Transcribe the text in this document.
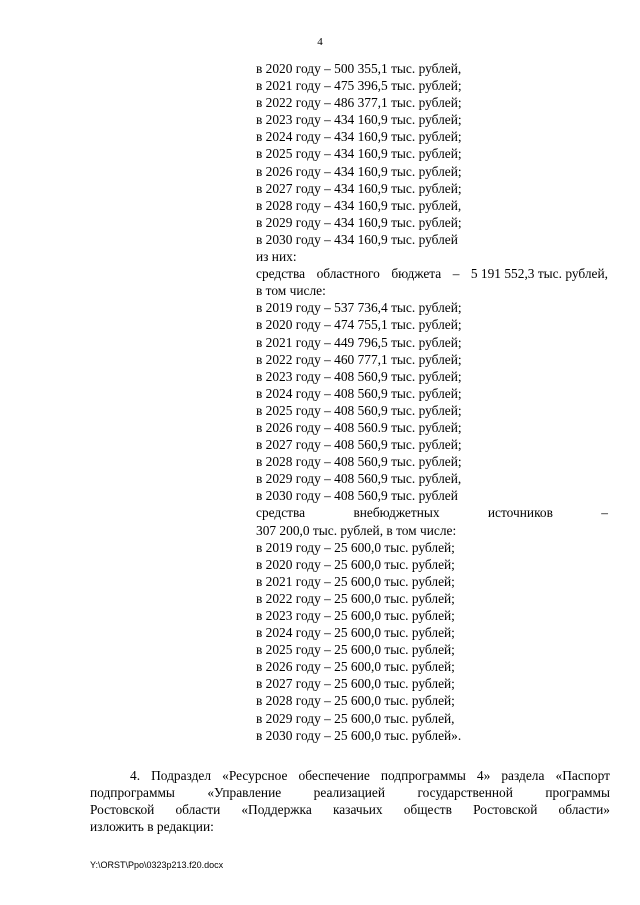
4
в 2020 году – 500 355,1 тыс. рублей,
в 2021 году – 475 396,5 тыс. рублей;
в 2022 году – 486 377,1 тыс. рублей;
в 2023 году – 434 160,9 тыс. рублей;
в 2024 году – 434 160,9 тыс. рублей;
в 2025 году – 434 160,9 тыс. рублей;
в 2026 году – 434 160,9 тыс. рублей;
в 2027 году – 434 160,9 тыс. рублей;
в 2028 году – 434 160,9 тыс. рублей,
в 2029 году – 434 160,9 тыс. рублей;
в 2030 году – 434 160,9 тыс. рублей
из них:
средства областного бюджета – 5 191 552,3 тыс. рублей,
в том числе:
в 2019 году – 537 736,4 тыс. рублей;
в 2020 году – 474 755,1 тыс. рублей;
в 2021 году – 449 796,5 тыс. рублей;
в 2022 году – 460 777,1 тыс. рублей;
в 2023 году – 408 560,9 тыс. рублей;
в 2024 году – 408 560,9 тыс. рублей;
в 2025 году – 408 560,9 тыс. рублей;
в 2026 году – 408 560.9 тыс. рублей;
в 2027 году – 408 560,9 тыс. рублей;
в 2028 году – 408 560,9 тыс. рублей;
в 2029 году – 408 560,9 тыс. рублей,
в 2030 году – 408 560,9 тыс. рублей
средства	внебюджетных	источников	–
307 200,0 тыс. рублей, в том числе:
в 2019 году – 25 600,0 тыс. рублей;
в 2020 году – 25 600,0 тыс. рублей;
в 2021 году – 25 600,0 тыс. рублей;
в 2022 году – 25 600,0 тыс. рублей;
в 2023 году – 25 600,0 тыс. рублей;
в 2024 году – 25 600,0 тыс. рублей;
в 2025 году – 25 600,0 тыс. рублей;
в 2026 году – 25 600,0 тыс. рублей;
в 2027 году – 25 600,0 тыс. рублей;
в 2028 году – 25 600,0 тыс. рублей;
в 2029 году – 25 600,0 тыс. рублей,
в 2030 году – 25 600,0 тыс. рублей».
4. Подраздел «Ресурсное обеспечение подпрограммы 4» раздела «Паспорт
подпрограммы «Управление реализацией государственной программы
Ростовской области «Поддержка казачьих обществ Ростовской области»
изложить в редакции:
Y:\ORST\Ppo\0323p213.f20.docx
